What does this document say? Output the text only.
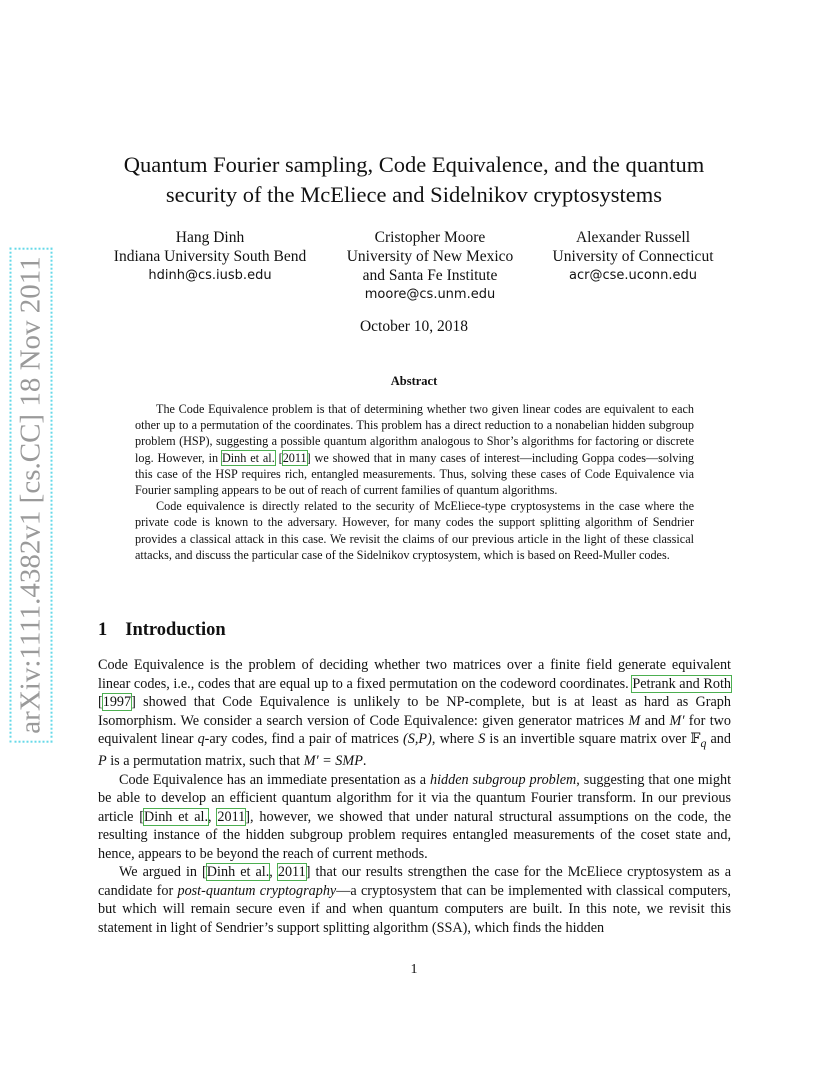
arXiv:1111.4382v1 [cs.CC] 18 Nov 2011
Quantum Fourier sampling, Code Equivalence, and the quantum security of the McEliece and Sidelnikov cryptosystems
Hang Dinh
Indiana University South Bend
hdinh@cs.iusb.edu
Cristopher Moore
University of New Mexico
and Santa Fe Institute
moore@cs.unm.edu
Alexander Russell
University of Connecticut
acr@cse.uconn.edu
October 10, 2018
Abstract

The Code Equivalence problem is that of determining whether two given linear codes are equivalent to each other up to a permutation of the coordinates. This problem has a direct reduction to a nonabelian hidden subgroup problem (HSP), suggesting a possible quantum algorithm analogous to Shor’s algorithms for factoring or discrete log. However, in Dinh et al. [2011] we showed that in many cases of interest—including Goppa codes—solving this case of the HSP requires rich, entangled measurements. Thus, solving these cases of Code Equivalence via Fourier sampling appears to be out of reach of current families of quantum algorithms.

Code equivalence is directly related to the security of McEliece-type cryptosystems in the case where the private code is known to the adversary. However, for many codes the support splitting algorithm of Sendrier provides a classical attack in this case. We revisit the claims of our previous article in the light of these classical attacks, and discuss the particular case of the Sidelnikov cryptosystem, which is based on Reed-Muller codes.

1 Introduction

Code Equivalence is the problem of deciding whether two matrices over a finite field generate equivalent linear codes, i.e., codes that are equal up to a fixed permutation on the codeword coordinates. Petrank and Roth [1997] showed that Code Equivalence is unlikely to be NP-complete, but is at least as hard as Graph Isomorphism. We consider a search version of Code Equivalence: given generator matrices M and M′ for two equivalent linear q-ary codes, find a pair of matrices (S,P), where S is an invertible square matrix over 𝔽$_q$ and P is a permutation matrix, such that M′ = SMP.

Code Equivalence has an immediate presentation as a hidden subgroup problem, suggesting that one might be able to develop an efficient quantum algorithm for it via the quantum Fourier transform. In our previous article [Dinh et al., 2011], however, we showed that under natural structural assumptions on the code, the resulting instance of the hidden subgroup problem requires entangled measurements of the coset state and, hence, appears to be beyond the reach of current methods.

We argued in [Dinh et al., 2011] that our results strengthen the case for the McEliece cryptosystem as a candidate for post-quantum cryptography—a cryptosystem that can be implemented with classical computers, but which will remain secure even if and when quantum computers are built. In this note, we revisit this statement in light of Sendrier’s support splitting algorithm (SSA), which finds the hidden

1
